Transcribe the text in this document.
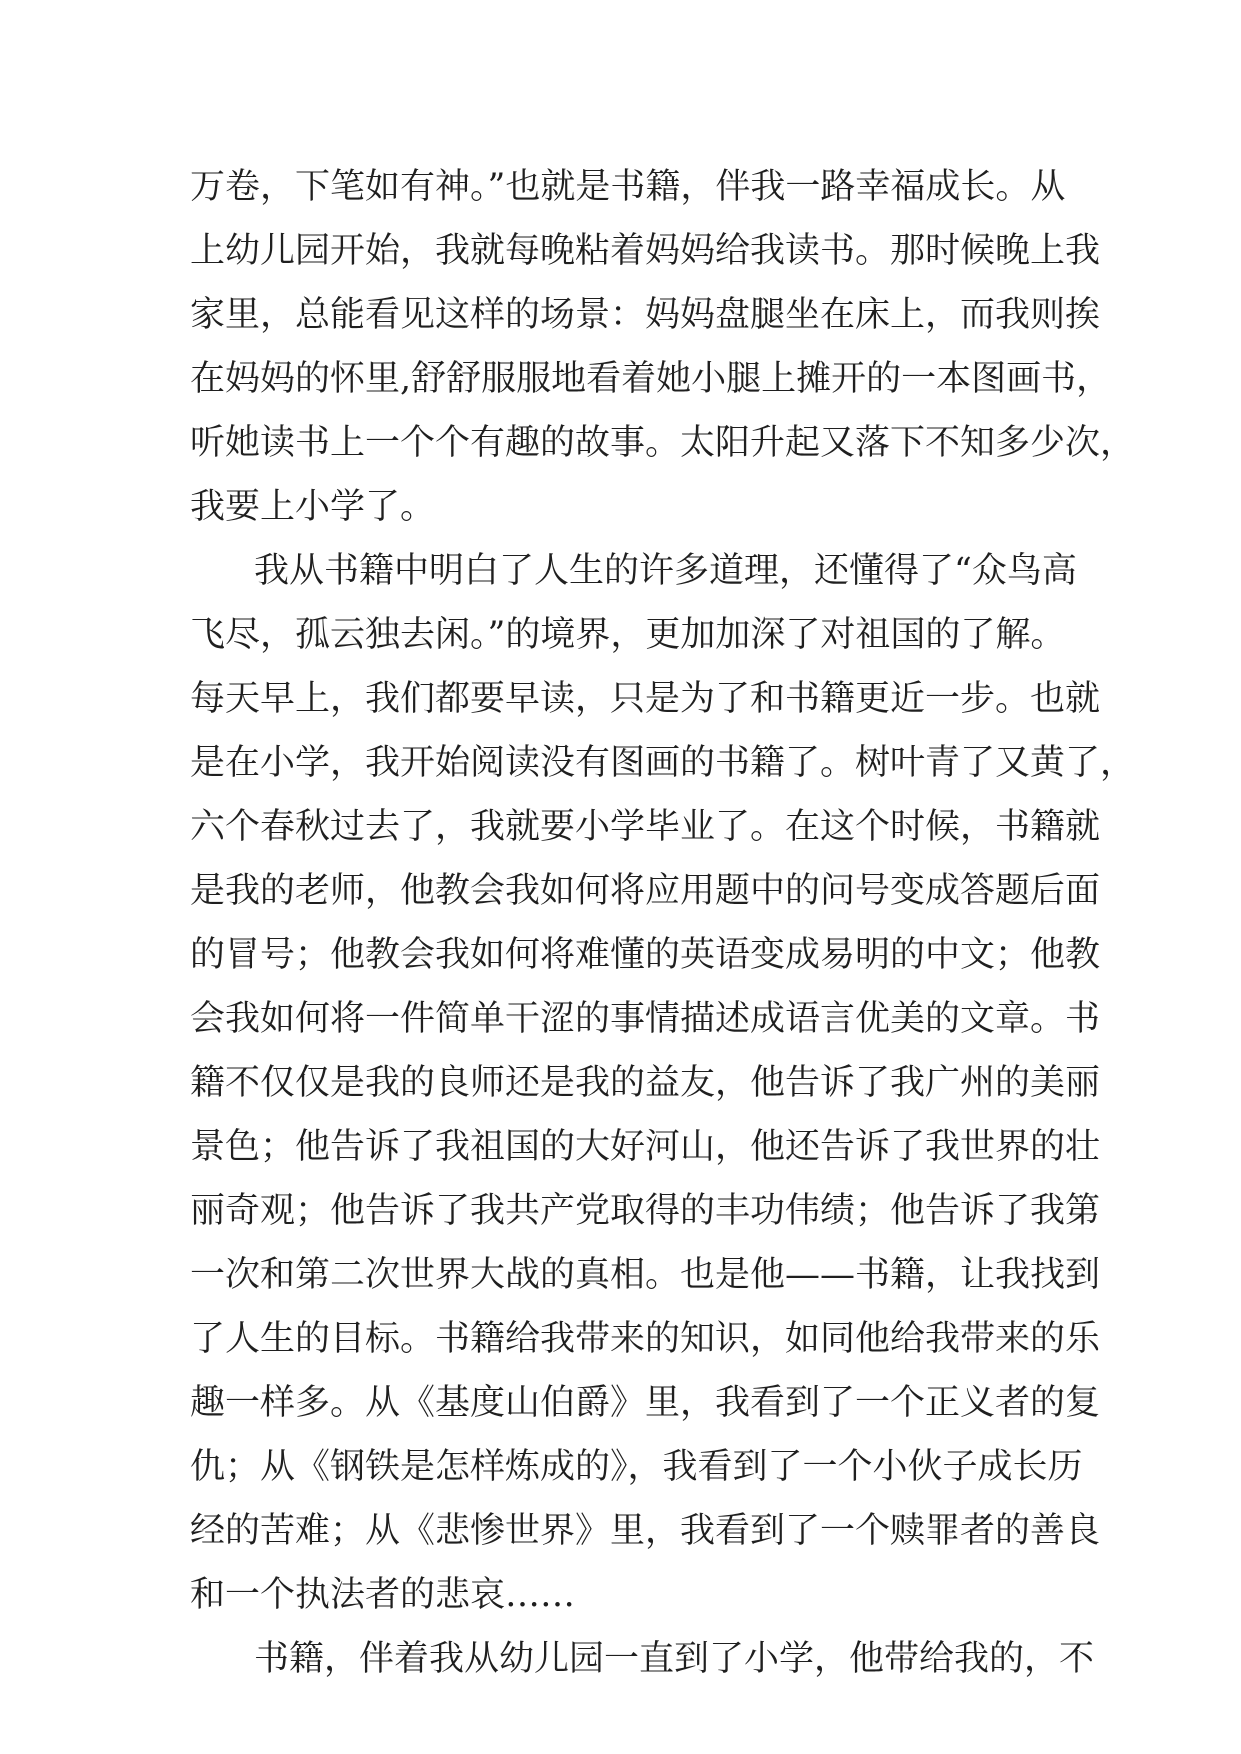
万卷，下笔如有神。”也就是书籍，伴我一路幸福成长。从
上幼儿园开始，我就每晚粘着妈妈给我读书。那时候晚上我
家里，总能看见这样的场景：妈妈盘腿坐在床上，而我则挨
在妈妈的怀里,舒舒服服地看着她小腿上摊开的一本图画书，
听她读书上一个个有趣的故事。太阳升起又落下不知多少次，
我要上小学了。
我从书籍中明白了人生的许多道理，还懂得了“众鸟高
飞尽，孤云独去闲。”的境界，更加加深了对祖国的了解。
每天早上，我们都要早读，只是为了和书籍更近一步。也就
是在小学，我开始阅读没有图画的书籍了。树叶青了又黄了，
六个春秋过去了，我就要小学毕业了。在这个时候，书籍就
是我的老师，他教会我如何将应用题中的问号变成答题后面
的冒号；他教会我如何将难懂的英语变成易明的中文；他教
会我如何将一件简单干涩的事情描述成语言优美的文章。书
籍不仅仅是我的良师还是我的益友，他告诉了我广州的美丽
景色；他告诉了我祖国的大好河山，他还告诉了我世界的壮
丽奇观；他告诉了我共产党取得的丰功伟绩；他告诉了我第
一次和第二次世界大战的真相。也是他——书籍，让我找到
了人生的目标。书籍给我带来的知识，如同他给我带来的乐
趣一样多。从《基度山伯爵》里，我看到了一个正义者的复
仇；从《钢铁是怎样炼成的》，我看到了一个小伙子成长历
经的苦难；从《悲惨世界》里，我看到了一个赎罪者的善良
和一个执法者的悲哀……
书籍，伴着我从幼儿园一直到了小学，他带给我的，不
